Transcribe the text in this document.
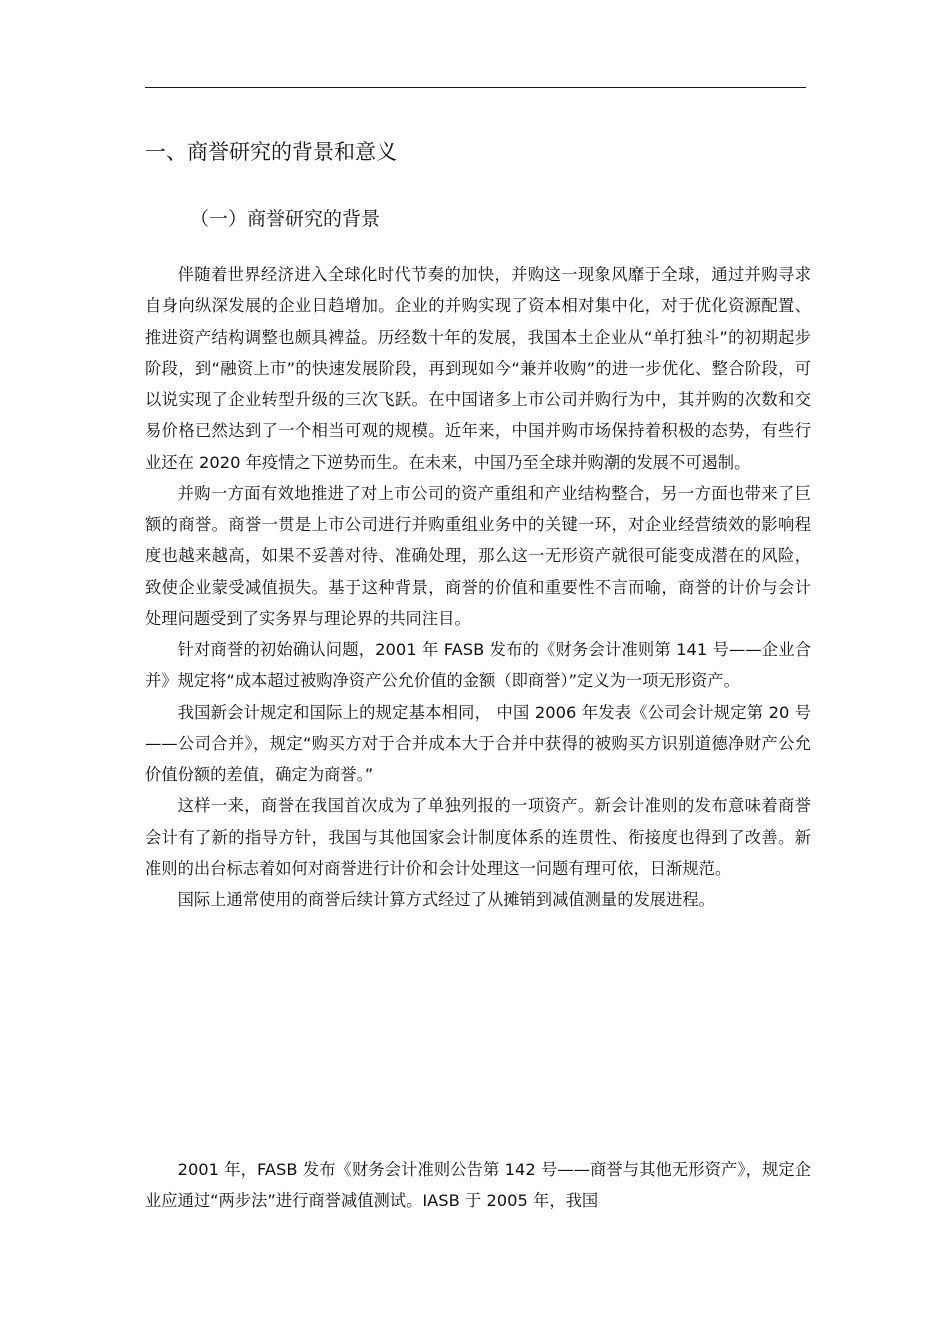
一、商誉研究的背景和意义
（一）商誉研究的背景

伴随着世界经济进入全球化时代节奏的加快，并购这一现象风靡于全球，通过并购寻求自身向纵深发展的企业日趋增加。企业的并购实现了资本相对集中化，对于优化资源配置、推进资产结构调整也颇具裨益。历经数十年的发展，我国本土企业从“单打独斗”的初期起步阶段，到“融资上市”的快速发展阶段，再到现如今“兼并收购”的进一步优化、整合阶段，可以说实现了企业转型升级的三次飞跃。在中国诸多上市公司并购行为中，其并购的次数和交易价格已然达到了一个相当可观的规模。近年来，中国并购市场保持着积极的态势，有些行业还在 2020 年疫情之下逆势而生。在未来，中国乃至全球并购潮的发展不可遏制。

并购一方面有效地推进了对上市公司的资产重组和产业结构整合，另一方面也带来了巨额的商誉。商誉一贯是上市公司进行并购重组业务中的关键一环，对企业经营绩效的影响程度也越来越高，如果不妥善对待、准确处理，那么这一无形资产就很可能变成潜在的风险，致使企业蒙受减值损失。基于这种背景，商誉的价值和重要性不言而喻，商誉的计价与会计处理问题受到了实务界与理论界的共同注目。

针对商誉的初始确认问题，2001 年 FASB 发布的《财务会计准则第 141 号——企业合并》规定将“成本超过被购净资产公允价值的金额（即商誉）”定义为一项无形资产。

我国新会计规定和国际上的规定基本相同， 中国 2006 年发表《公司会计规定第 20 号——公司合并》，规定“购买方对于合并成本大于合并中获得的被购买方识别道德净财产公允价值份额的差值，确定为商誉。”

这样一来，商誉在我国首次成为了单独列报的一项资产。新会计准则的发布意味着商誉会计有了新的指导方针，我国与其他国家会计制度体系的连贯性、衔接度也得到了改善。新准则的出台标志着如何对商誉进行计价和会计处理这一问题有理可依，日渐规范。

国际上通常使用的商誉后续计算方式经过了从摊销到减值测量的发展进程。

2001 年，FASB 发布《财务会计准则公告第 142 号——商誉与其他无形资产》，规定企业应通过“两步法”进行商誉减值测试。IASB 于 2005 年，我国
